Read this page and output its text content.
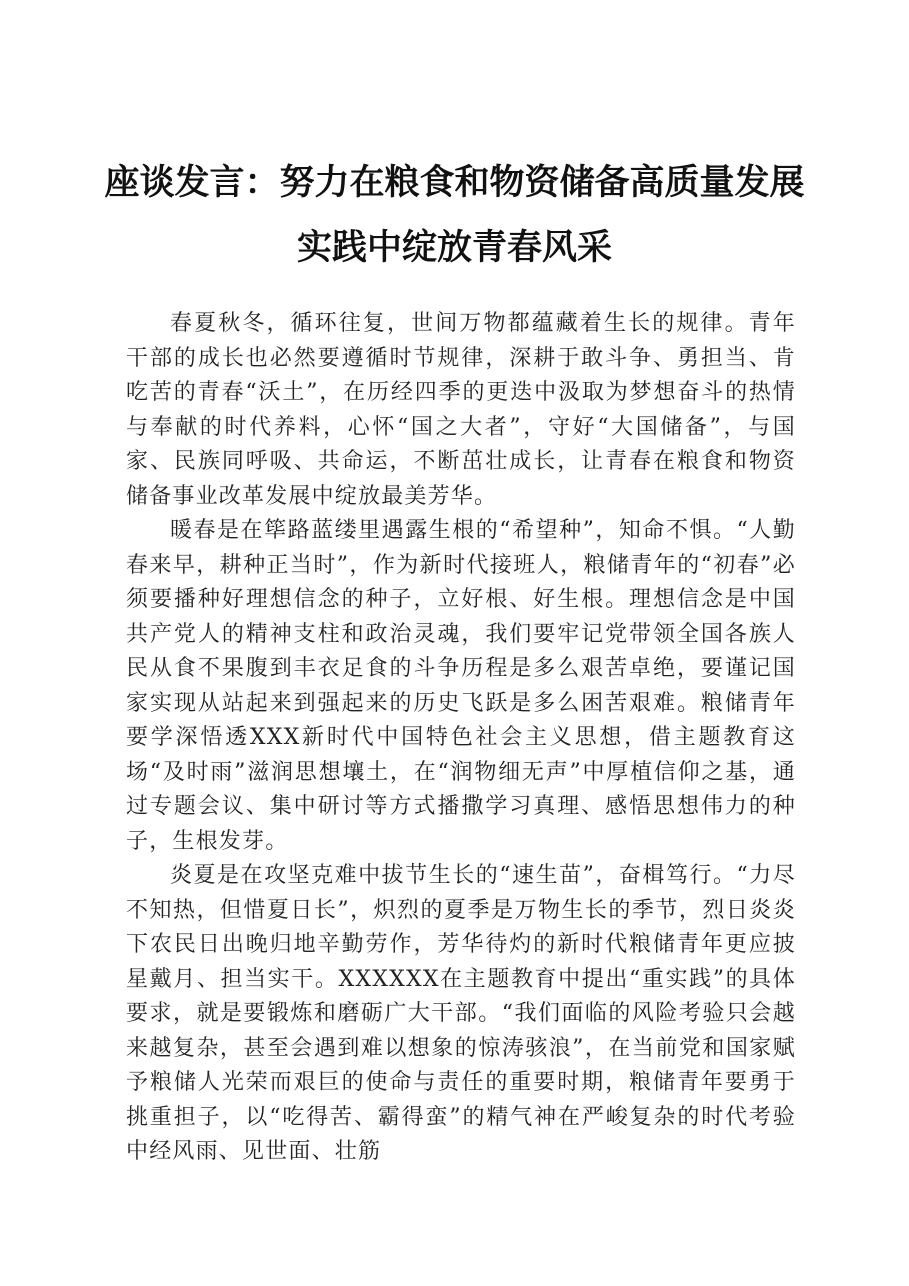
座谈发言：努力在粮食和物资储备高质量发展
实践中绽放青春风采

春夏秋冬，循环往复，世间万物都蕴藏着生长的规律。青年干部的成长也必然要遵循时节规律，深耕于敢斗争、勇担当、肯吃苦的青春“沃土”，在历经四季的更迭中汲取为梦想奋斗的热情与奉献的时代养料，心怀“国之大者”，守好“大国储备”，与国家、民族同呼吸、共命运，不断茁壮成长，让青春在粮食和物资储备事业改革发展中绽放最美芳华。

暖春是在筚路蓝缕里遇露生根的“希望种”，知命不惧。“人勤春来早，耕种正当时”，作为新时代接班人，粮储青年的“初春”必须要播种好理想信念的种子，立好根、好生根。理想信念是中国共产党人的精神支柱和政治灵魂，我们要牢记党带领全国各族人民从食不果腹到丰衣足食的斗争历程是多么艰苦卓绝，要谨记国家实现从站起来到强起来的历史飞跃是多么困苦艰难。粮储青年要学深悟透XXX新时代中国特色社会主义思想，借主题教育这场“及时雨”滋润思想壤土，在“润物细无声”中厚植信仰之基，通过专题会议、集中研讨等方式播撒学习真理、感悟思想伟力的种子，生根发芽。

炎夏是在攻坚克难中拔节生长的“速生苗”，奋楫笃行。“力尽不知热，但惜夏日长”，炽烈的夏季是万物生长的季节，烈日炎炎下农民日出晚归地辛勤劳作，芳华待灼的新时代粮储青年更应披星戴月、担当实干。XXXXXX在主题教育中提出“重实践”的具体要求，就是要锻炼和磨砺广大干部。“我们面临的风险考验只会越来越复杂，甚至会遇到难以想象的惊涛骇浪”，在当前党和国家赋予粮储人光荣而艰巨的使命与责任的重要时期，粮储青年要勇于挑重担子，以“吃得苦、霸得蛮”的精气神在严峻复杂的时代考验中经风雨、见世面、壮筋
